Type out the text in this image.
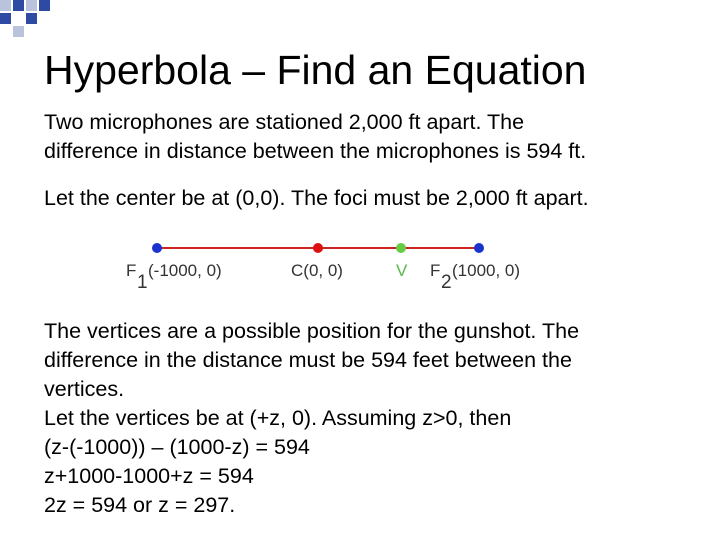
Hyperbola – Find an Equation
Two microphones are stationed 2,000 ft apart. The
difference in distance between the microphones is 594 ft.
Let the center be at (0,0). The foci must be 2,000 ft apart.
F
1
(-1000, 0)	C(0, 0)	V F
2
(1000, 0)
The vertices are a possible position for the gunshot. The
difference in the distance must be 594 feet between the
vertices.
Let the vertices be at (+z, 0). Assuming z>0, then
(z-(-1000)) – (1000-z) = 594
z+1000-1000+z = 594
2z = 594 or z = 297.
